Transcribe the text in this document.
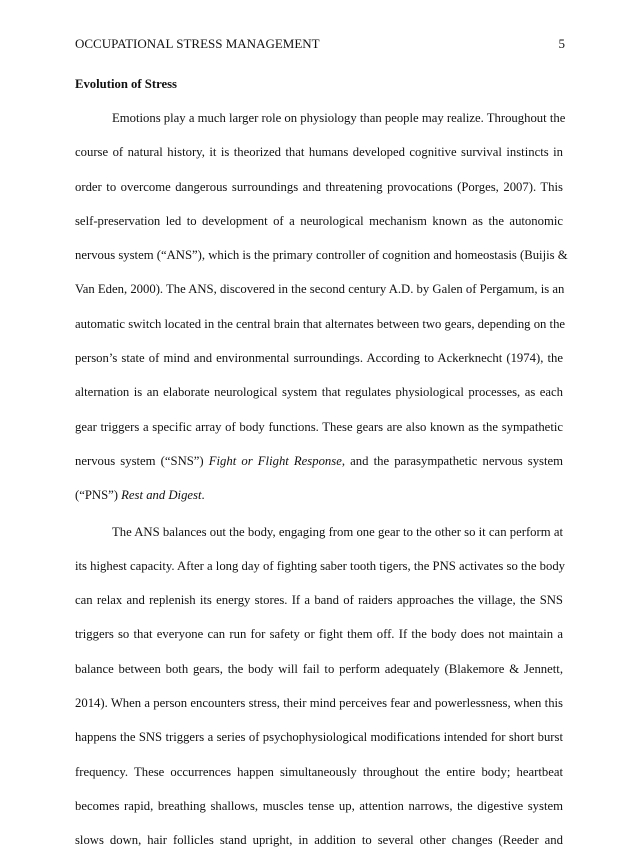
OCCUPATIONAL STRESS MANAGEMENT	5
Evolution of Stress

Emotions play a much larger role on physiology than people may realize. Throughout the
course of natural history, it is theorized that humans developed cognitive survival instincts in
order to overcome dangerous surroundings and threatening provocations (Porges, 2007). This
self-preservation led to development of a neurological mechanism known as the autonomic
nervous system (“ANS”), which is the primary controller of cognition and homeostasis (Buijis &
Van Eden, 2000). The ANS, discovered in the second century A.D. by Galen of Pergamum, is an
automatic switch located in the central brain that alternates between two gears, depending on the
person’s state of mind and environmental surroundings. According to Ackerknecht (1974), the
alternation is an elaborate neurological system that regulates physiological processes, as each
gear triggers a specific array of body functions. These gears are also known as the sympathetic
nervous system (“SNS”) Fight or Flight Response, and the parasympathetic nervous system
(“PNS”) Rest and Digest.

The ANS balances out the body, engaging from one gear to the other so it can perform at
its highest capacity. After a long day of fighting saber tooth tigers, the PNS activates so the body
can relax and replenish its energy stores. If a band of raiders approaches the village, the SNS
triggers so that everyone can run for safety or fight them off. If the body does not maintain a
balance between both gears, the body will fail to perform adequately (Blakemore & Jennett,
2014). When a person encounters stress, their mind perceives fear and powerlessness, when this
happens the SNS triggers a series of psychophysiological modifications intended for short burst
frequency. These occurrences happen simultaneously throughout the entire body; heartbeat
becomes rapid, breathing shallows, muscles tense up, attention narrows, the digestive system
slows down, hair follicles stand upright, in addition to several other changes (Reeder and
